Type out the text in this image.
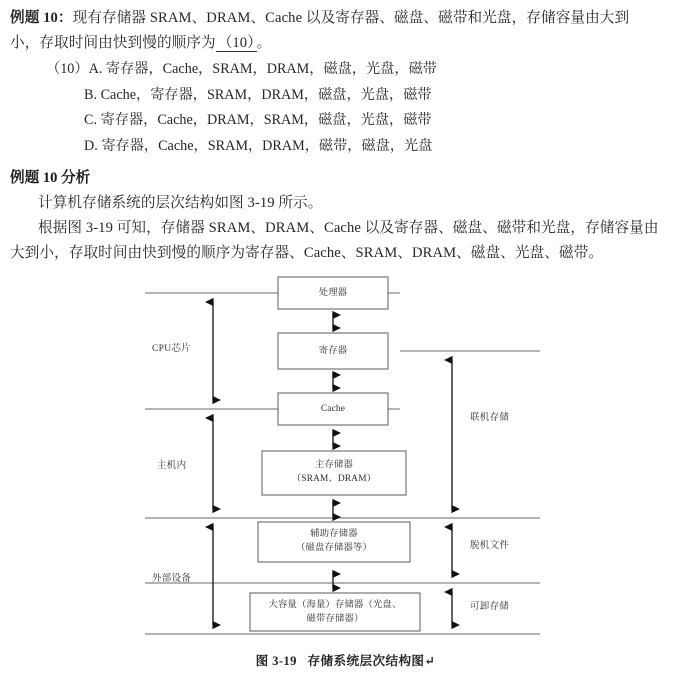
例题 10：现有存储器 SRAM、DRAM、Cache 以及寄存器、磁盘、磁带和光盘，存储容量由大到
小，存取时间由快到慢的顺序为 （10） 。
（10）A. 寄存器，Cache，SRAM，DRAM，磁盘，光盘，磁带
B. Cache，寄存器，SRAM，DRAM，磁盘，光盘，磁带
C. 寄存器，Cache，DRAM，SRAM，磁盘，光盘，磁带
D. 寄存器，Cache，SRAM，DRAM，磁带，磁盘，光盘
例题 10 分析
计算机存储系统的层次结构如图 3-19 所示。
根据图 3-19 可知，存储器 SRAM、DRAM、Cache 以及寄存器、磁盘、磁带和光盘，存储容量由
大到小，存取时间由快到慢的顺序为寄存器、Cache、SRAM、DRAM、磁盘、光盘、磁带。
处理器
寄存器
Cache
主存储器
（SRAM、DRAM）
辅助存储器
（磁盘存储器等）
大容量（海量）存储器（光盘、
磁带存储器）
CPU芯片
主机内
外部设备
联机存储
脱机文件
可卸存储
图 3-19 存储系统层次结构图↵
